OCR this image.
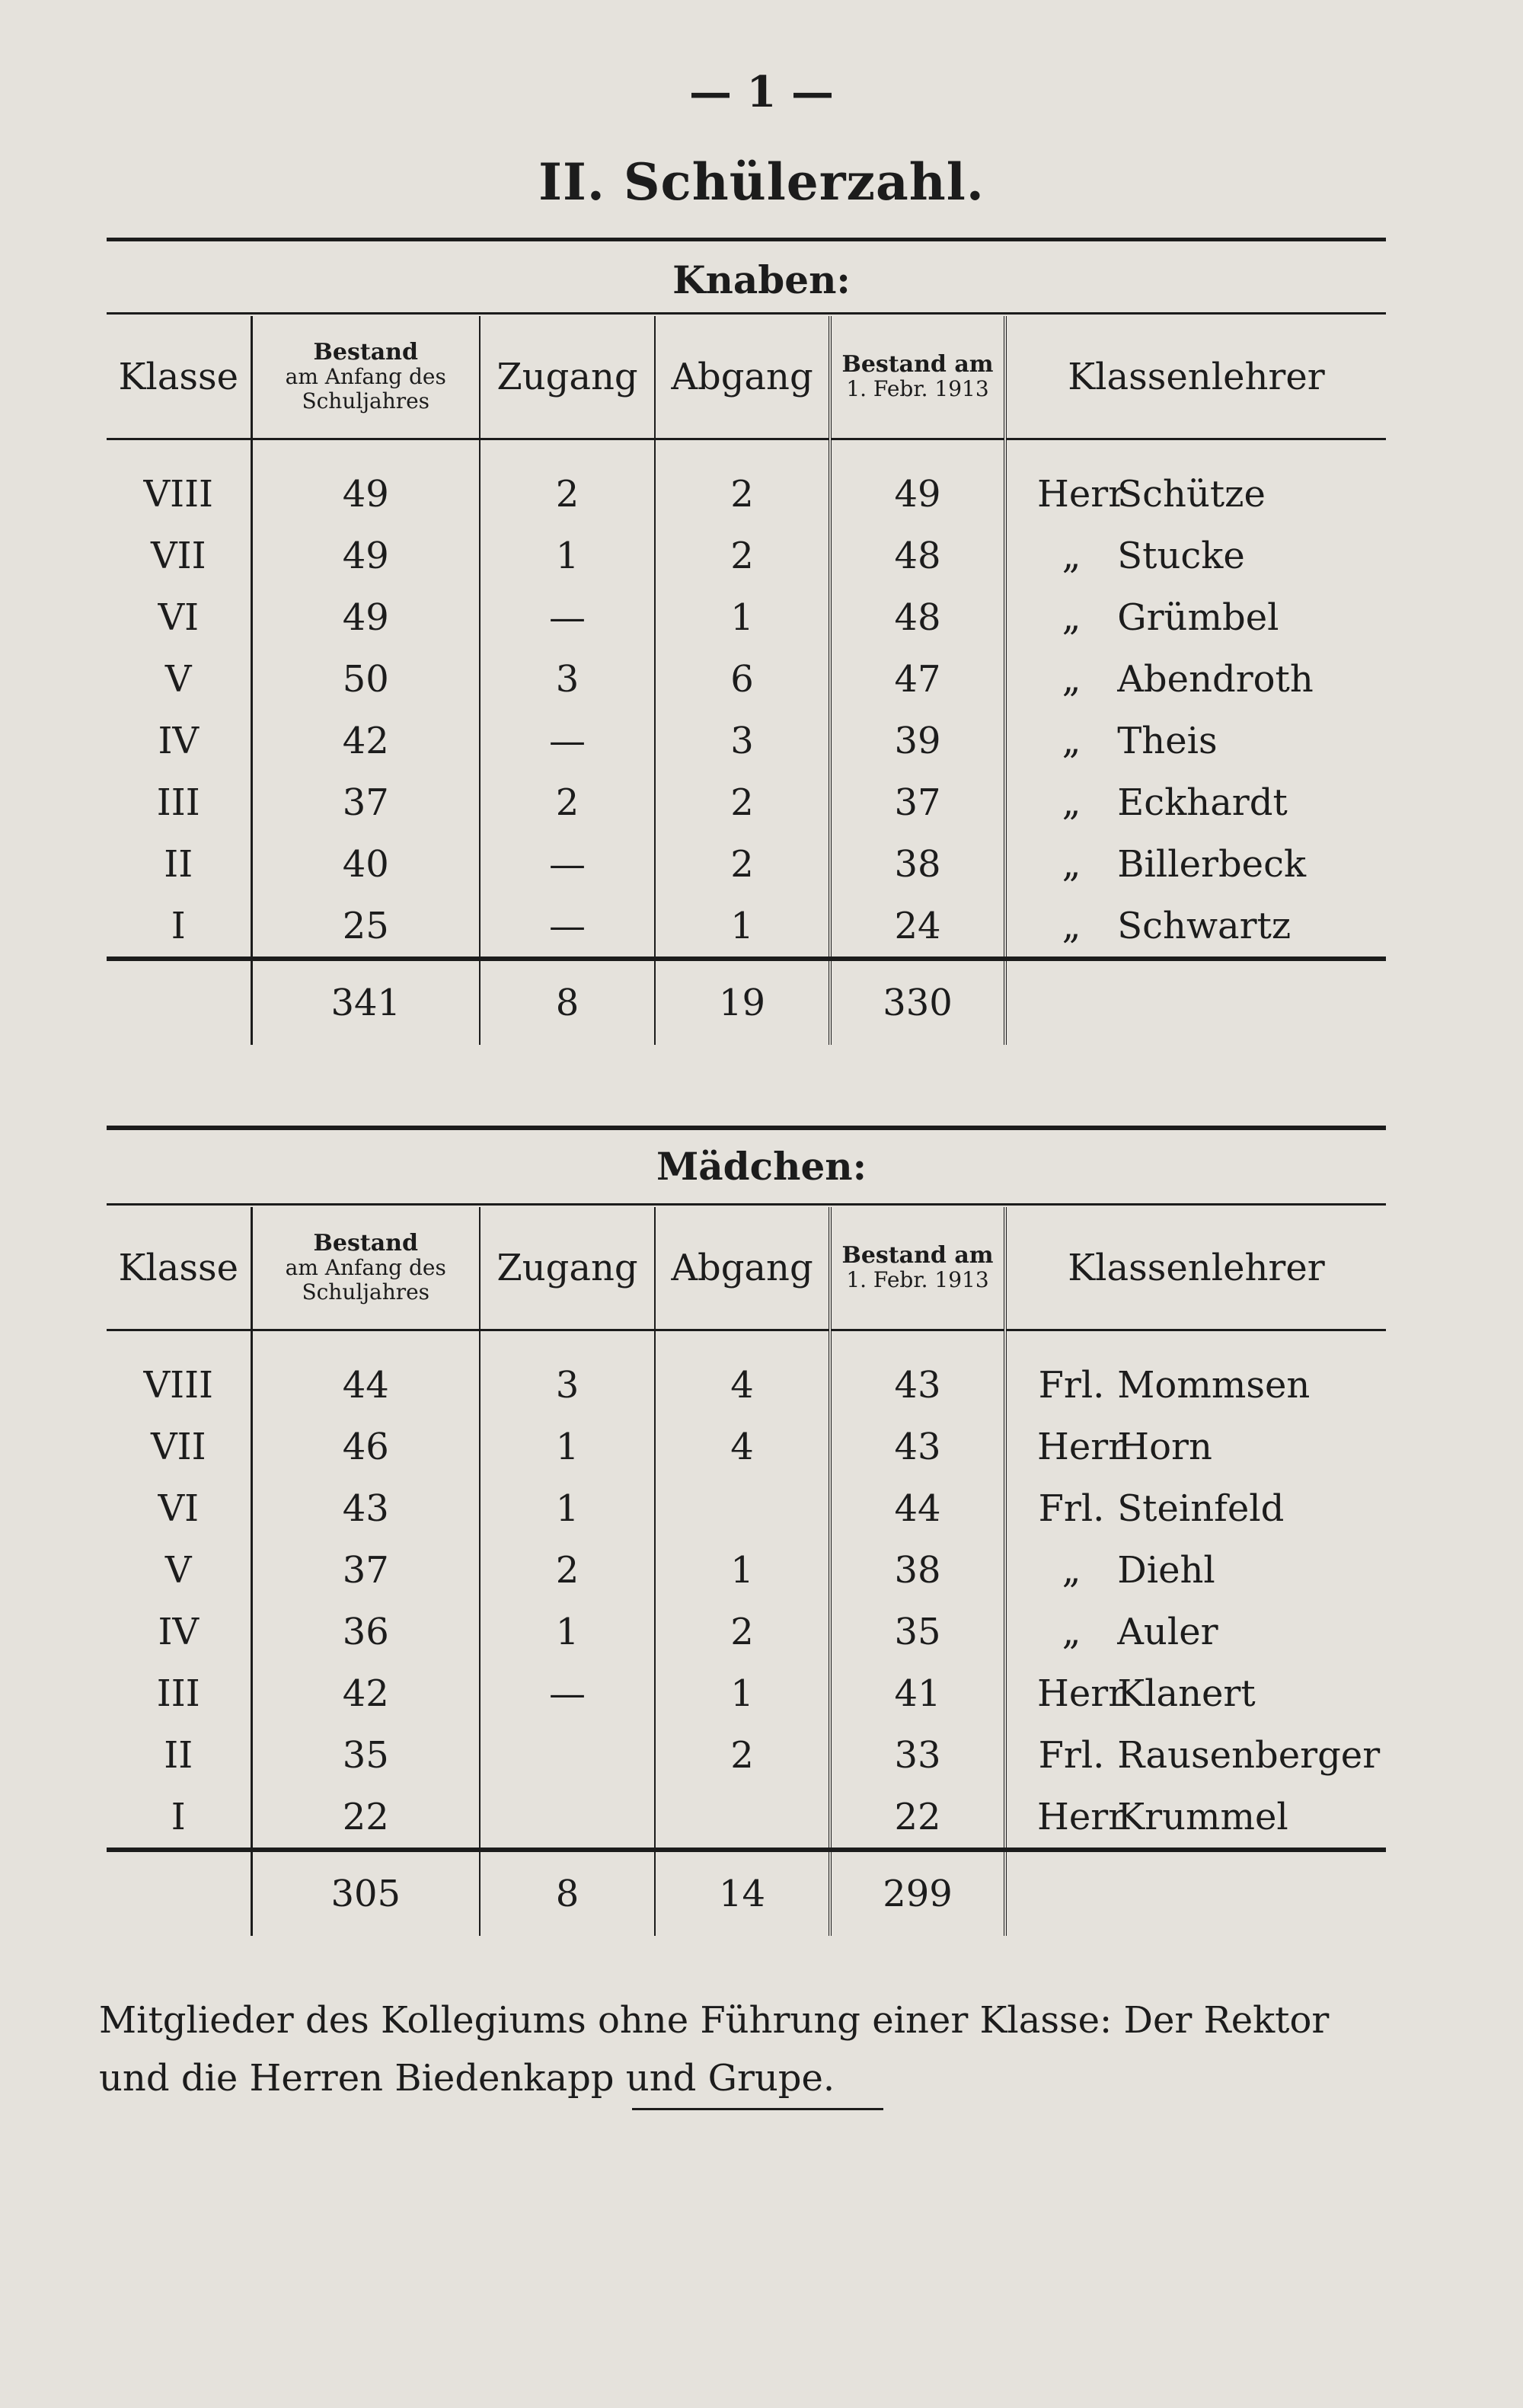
— 1 —
II. Schülerzahl.
Knaben:
Klasse	Bestand
am Anfang des
Schuljahres	Zugang	Abgang	Bestand am
1. Febr. 1913	Klassenlehrer
VIII	49	2	2	49	Herr Schütze
VII	49	1	2	48	„ Stucke
VI	49	—	1	48	„ Grümbel
V	50	3	6	47	„ Abendroth
IV	42	—	3	39	„ Theis
III	37	2	2	37	„ Eckhardt
II	40	—	2	38	„ Billerbeck
I	25	—	1	24	„ Schwartz
	341	8	19	330	
Mädchen:
Klasse	Bestand
am Anfang des
Schuljahres	Zugang	Abgang	Bestand am
1. Febr. 1913	Klassenlehrer
VIII	44	3	4	43	Frl. Mommsen
VII	46	1	4	43	Herr Horn
VI	43	1		44	Frl. Steinfeld
V	37	2	1	38	„ Diehl
IV	36	1	2	35	„ Auler
III	42	—	1	41	Herr Klanert
II	35		2	33	Frl. Rausenberger
I	22			22	Herr Krummel
	305	8	14	299	
Mitglieder des Kollegiums ohne Führung einer Klasse: Der Rektor
und die Herren Biedenkapp und Grupe.
